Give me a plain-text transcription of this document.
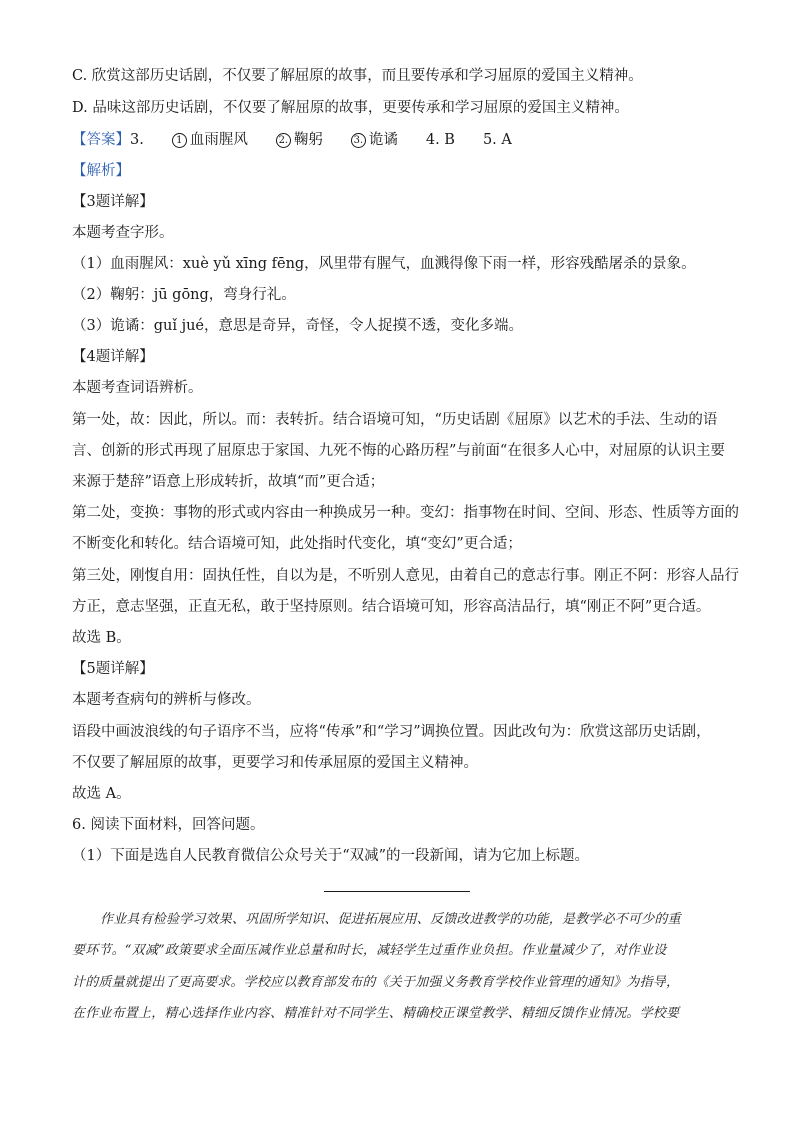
C. 欣赏这部历史话剧，不仅要了解屈原的故事，而且要传承和学习屈原的爱国主义精神。
D. 品味这部历史话剧，不仅要了解屈原的故事，更要传承和学习屈原的爱国主义精神。
【答案】3.	1 血雨腥风	2. 鞠躬	3. 诡谲 4. B 5. A
【解析】
【3题详解】
本题考查字形。
（1）血雨腥风：xuè yǔ xīng fēng，风里带有腥气，血溅得像下雨一样，形容残酷屠杀的景象。
（2）鞠躬：jū gōng，弯身行礼。
（3）诡谲：guǐ jué，意思是奇异，奇怪，令人捉摸不透，变化多端。
【4题详解】
本题考查词语辨析。
第一处，故：因此，所以。而：表转折。结合语境可知，“历史话剧《屈原》以艺术的手法、生动的语
言、创新的形式再现了屈原忠于家国、九死不悔的心路历程”与前面“在很多人心中，对屈原的认识主要
来源于楚辞”语意上形成转折，故填“而”更合适；
第二处，变换：事物的形式或内容由一种换成另一种。变幻：指事物在时间、空间、形态、性质等方面的
不断变化和转化。结合语境可知，此处指时代变化，填“变幻”更合适；
第三处，刚愎自用：固执任性，自以为是，不听别人意见，由着自己的意志行事。刚正不阿：形容人品行
方正，意志坚强，正直无私，敢于坚持原则。结合语境可知，形容高洁品行，填“刚正不阿”更合适。
故选 B。
【5题详解】
本题考查病句的辨析与修改。
语段中画波浪线的句子语序不当，应将“传承”和“学习”调换位置。因此改句为：欣赏这部历史话剧，
不仅要了解屈原的故事，更要学习和传承屈原的爱国主义精神。
故选 A。
6. 阅读下面材料，回答问题。
（1）下面是选自人民教育微信公众号关于“双减”的一段新闻，请为它加上标题。
作业具有检验学习效果、巩固所学知识、促进拓展应用、反馈改进教学的功能，是教学必不可少的重
要环节。“双减”政策要求全面压减作业总量和时长，减轻学生过重作业负担。作业量减少了，对作业设
计的质量就提出了更高要求。学校应以教育部发布的《关于加强义务教育学校作业管理的通知》为指导，
在作业布置上，精心选择作业内容、精准针对不同学生、精确校正课堂教学、精细反馈作业情况。学校要
